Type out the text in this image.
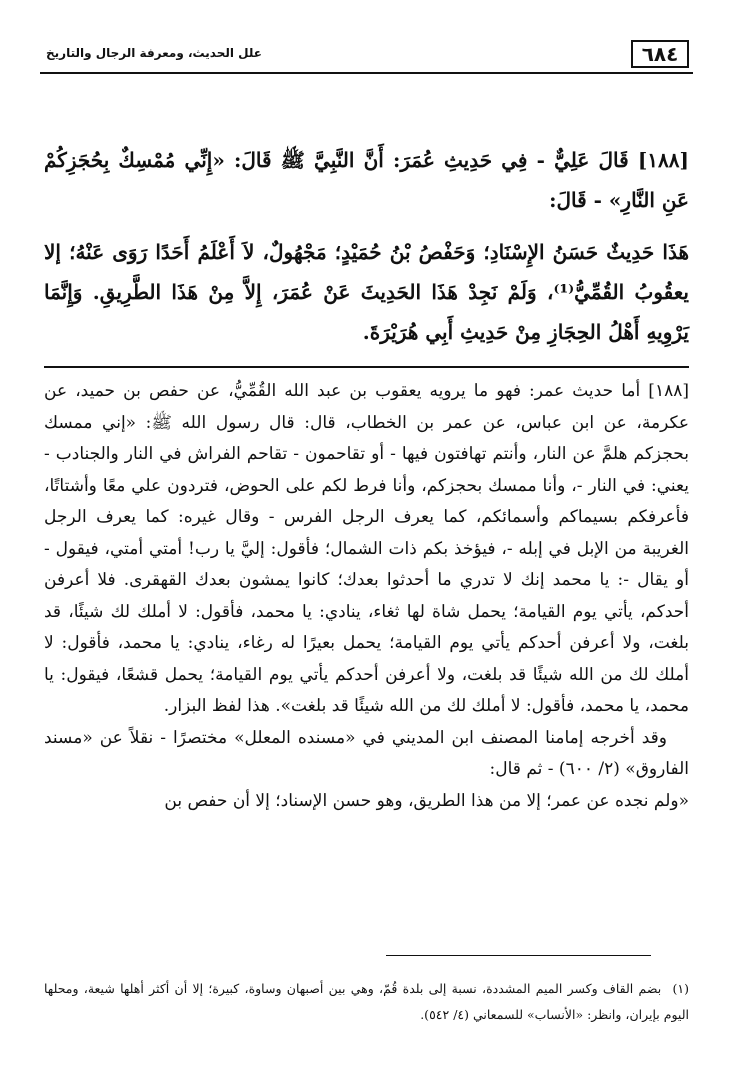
٦٨٤
علل الحديث، ومعرفة الرجال والتاريخ

[١٨٨] قَالَ عَلِيٌّ - فِي حَدِيثِ عُمَرَ: أَنَّ النَّبِيَّ ﷺ قَالَ: «إِنِّي مُمْسِكٌ بِحُجَزِكُمْ عَنِ النَّارِ» - قَالَ:

هَذَا حَدِيثٌ حَسَنُ الإِسْنَادِ؛ وَحَفْصُ بْنُ حُمَيْدٍ؛ مَجْهُولٌ، لاَ أَعْلَمُ أَحَدًا رَوَى عَنْهُ؛ إلا يعقُوبُ القُمِّيُّ⁽¹⁾، وَلَمْ نَجِدْ هَذَا الحَدِيثَ عَنْ عُمَرَ، إِلاَّ مِنْ هَذَا الطَّرِيقِ. وَإِنَّمَا يَرْوِيهِ أَهْلُ الحِجَازِ مِنْ حَدِيثِ أَبِي هُرَيْرَةَ.

[١٨٨] أما حديث عمر: فهو ما يرويه يعقوب بن عبد الله القُمِّيُّ، عن حفص بن حميد، عن عكرمة، عن ابن عباس، عن عمر بن الخطاب، قال: قال رسول الله ﷺ: «إني ممسك بحجزكم هلمَّ عن النار، وأنتم تهافتون فيها - أو تقاحمون - تقاحم الفراش في النار والجنادب - يعني: في النار -، وأنا ممسك بحجزكم، وأنا فرط لكم على الحوض، فتردون علي معًا وأشتاتًا، فأعرفكم بسيماكم وأسمائكم، كما يعرف الرجل الفرس - وقال غيره: كما يعرف الرجل الغريبة من الإبل في إبله -، فيؤخذ بكم ذات الشمال؛ فأقول: إليَّ يا رب! أمتي أمتي، فيقول - أو يقال -: يا محمد إنك لا تدري ما أحدثوا بعدك؛ كانوا يمشون بعدك القهقرى. فلا أعرفن أحدكم، يأتي يوم القيامة؛ يحمل شاة لها ثغاء، ينادي: يا محمد، فأقول: لا أملك لك شيئًا، قد بلغت، ولا أعرفن أحدكم يأتي يوم القيامة؛ يحمل بعيرًا له رغاء، ينادي: يا محمد، فأقول: لا أملك لك من الله شيئًا قد بلغت، ولا أعرفن أحدكم يأتي يوم القيامة؛ يحمل قشعًا، فيقول: يا محمد، يا محمد، فأقول: لا أملك لك من الله شيئًا قد بلغت». هذا لفظ البزار.

وقد أخرجه إمامنا المصنف ابن المديني في «مسنده المعلل» مختصرًا - نقلاً عن «مسند الفاروق» (٢/ ٦٠٠) - ثم قال:

«ولم نجده عن عمر؛ إلا من هذا الطريق، وهو حسن الإسناد؛ إلا أن حفص بن

(١) بضم القاف وكسر الميم المشددة، نسبة إلى بلدة قُمّ، وهي بين أصبهان وساوة، كبيرة؛ إلا أن أكثر أهلها شيعة، ومحلها اليوم بإيران، وانظر: «الأنساب» للسمعاني (٤/ ٥٤٢).
